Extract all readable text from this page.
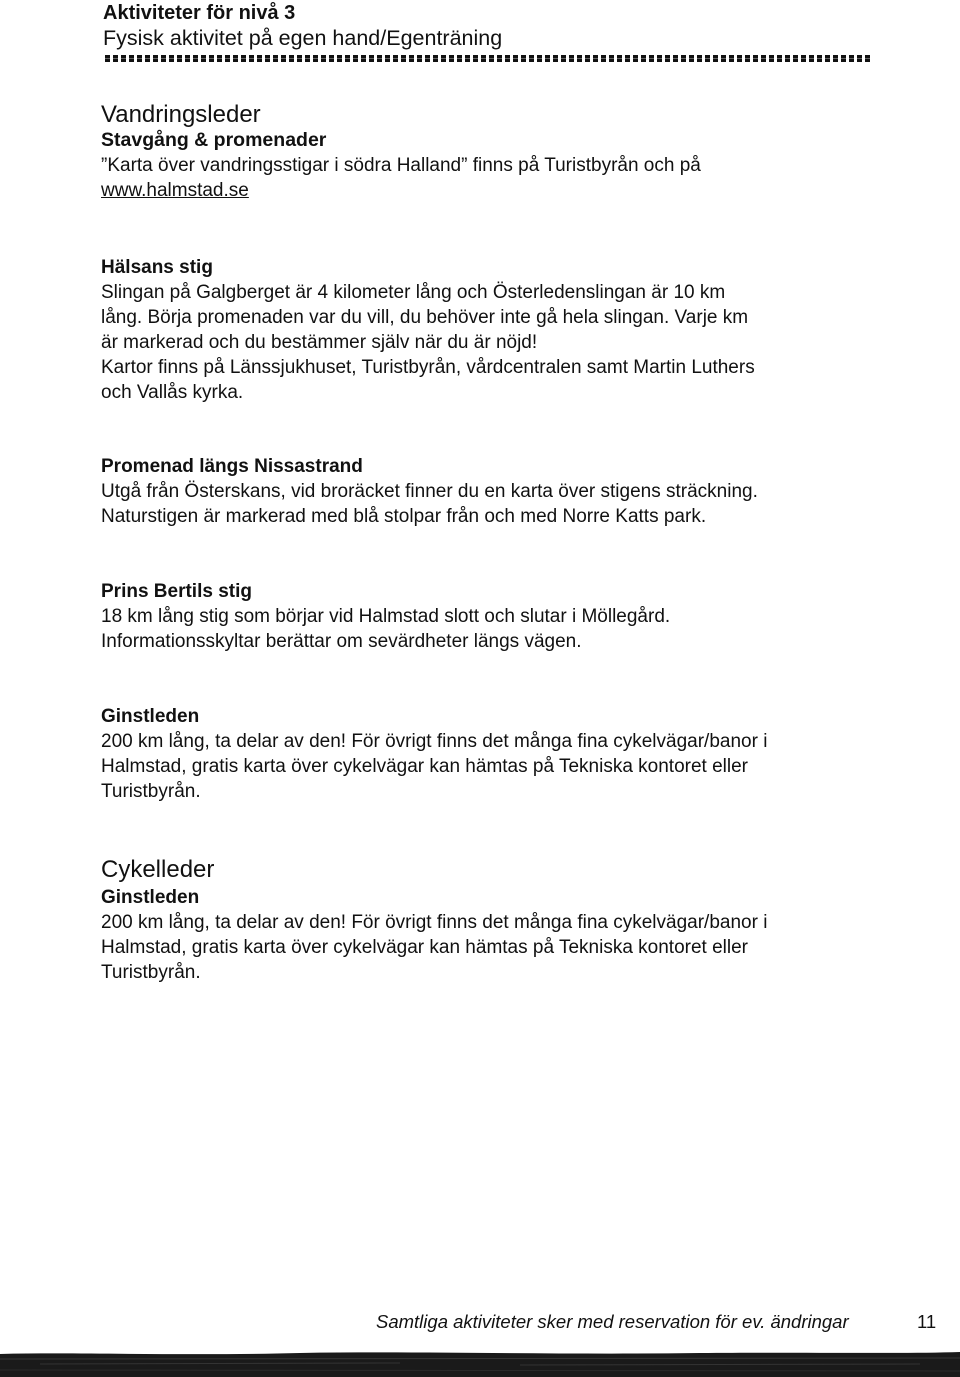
Aktiviteter för nivå 3
Fysisk aktivitet på egen hand/Egenträning
Vandringsleder
Stavgång & promenader

”Karta över vandringsstigar i södra Halland” finns på Turistbyrån och på
www.halmstad.se

Hälsans stig

Slingan på Galgberget är 4 kilometer lång och Österledenslingan är 10 km
lång. Börja promenaden var du vill, du behöver inte gå hela slingan. Varje km
är markerad och du bestämmer själv när du är nöjd!
Kartor finns på Länssjukhuset, Turistbyrån, vårdcentralen samt Martin Luthers
och Vallås kyrka.

Promenad längs Nissastrand

Utgå från Österskans, vid broräcket finner du en karta över stigens sträckning.
Naturstigen är markerad med blå stolpar från och med Norre Katts park.

Prins Bertils stig

18 km lång stig som börjar vid Halmstad slott och slutar i Möllegård.
Informationsskyltar berättar om sevärdheter längs vägen.

Ginstleden

200 km lång, ta delar av den! För övrigt finns det många fina cykelvägar/banor i
Halmstad, gratis karta över cykelvägar kan hämtas på Tekniska kontoret eller
Turistbyrån.

Cykelleder
Ginstleden

200 km lång, ta delar av den! För övrigt finns det många fina cykelvägar/banor i
Halmstad, gratis karta över cykelvägar kan hämtas på Tekniska kontoret eller
Turistbyrån.

Samtliga aktiviteter sker med reservation för ev. ändringar	11
